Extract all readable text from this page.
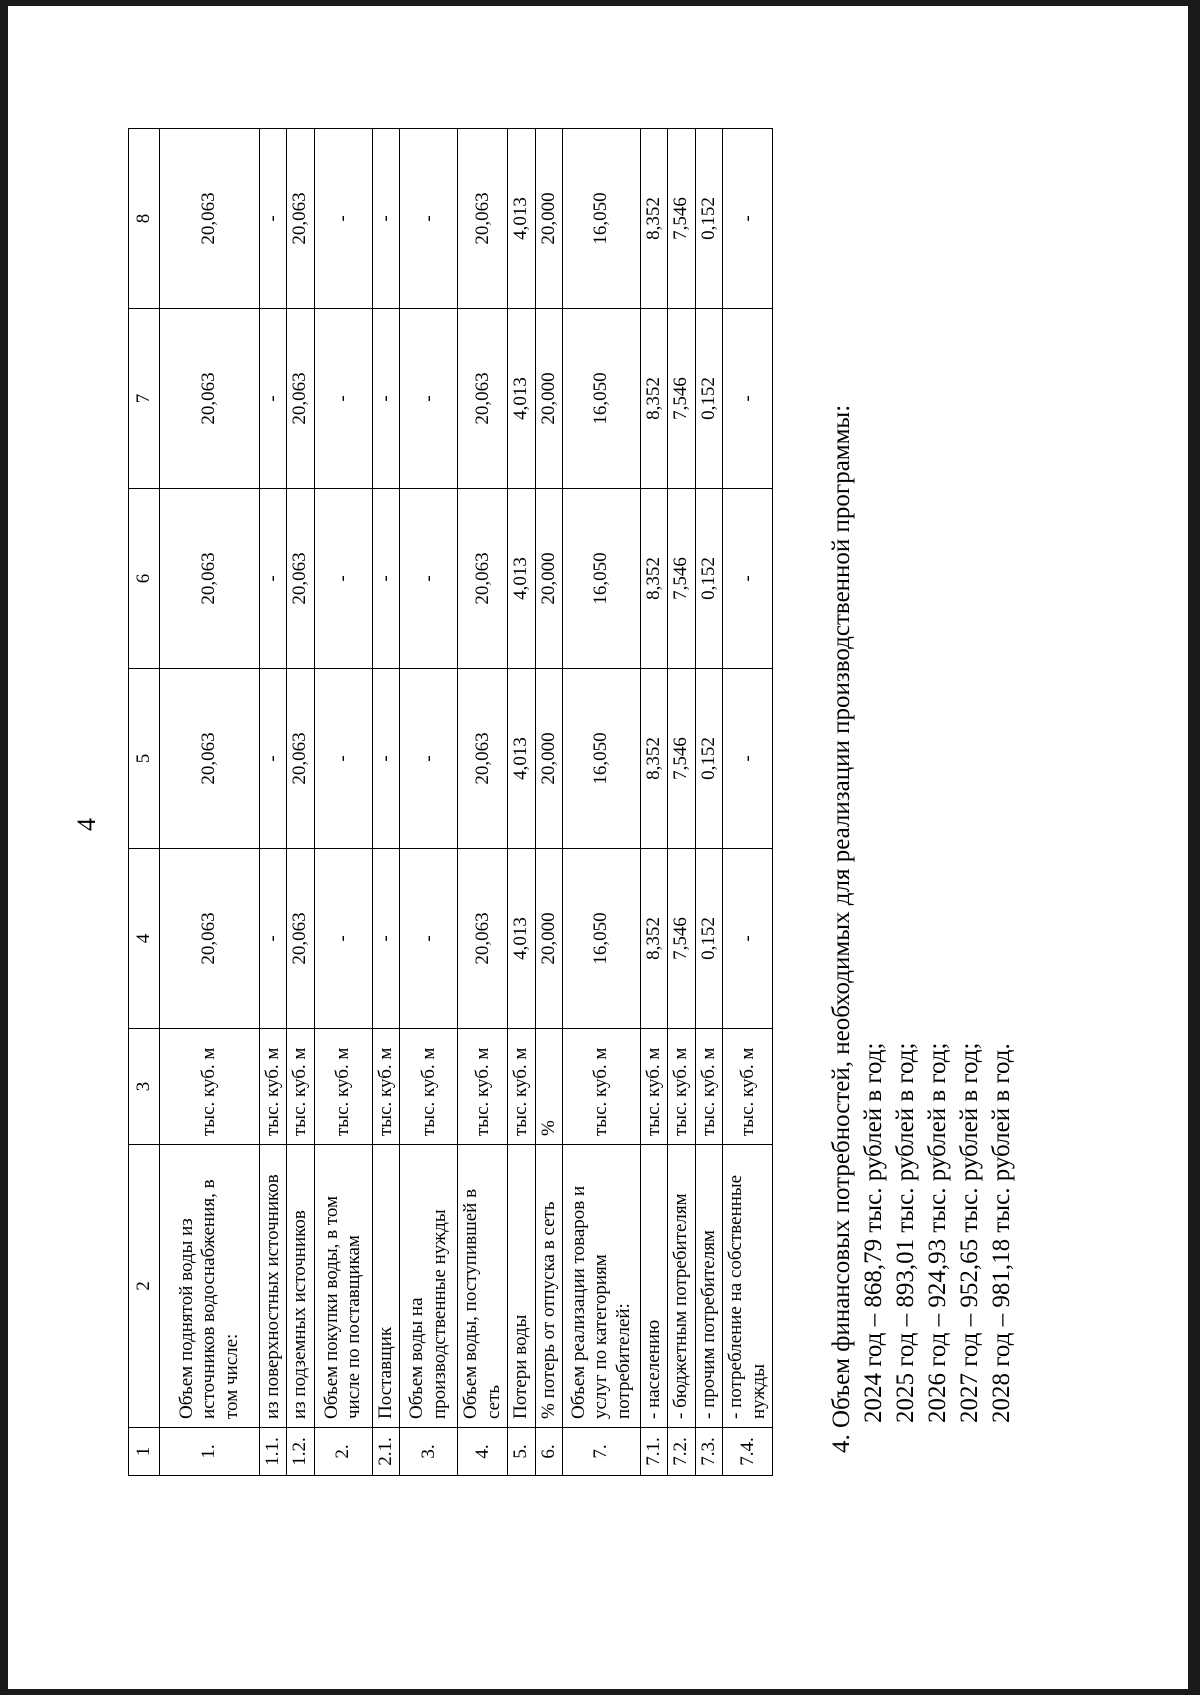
4
1	2	3	4	5	6	7	8
1.	Объем поднятой воды из источников водоснабжения, в том числе:	тыс. куб. м	20,063	20,063	20,063	20,063	20,063
1.1.	из поверхностных источников	тыс. куб. м	-	-	-	-	-
1.2.	из подземных источников	тыс. куб. м	20,063	20,063	20,063	20,063	20,063
2.	Объем покупки воды, в том числе по поставщикам	тыс. куб. м	-	-	-	-	-
2.1.	Поставщик	тыс. куб. м	-	-	-	-	-
3.	Объем воды на производственные нужды	тыс. куб. м	-	-	-	-	-
4.	Объем воды, поступившей в сеть	тыс. куб. м	20,063	20,063	20,063	20,063	20,063
5.	Потери воды	тыс. куб. м	4,013	4,013	4,013	4,013	4,013
6.	% потерь от отпуска в сеть	%	20,000	20,000	20,000	20,000	20,000
7.	Объем реализации товаров и услуг по категориям потребителей:	тыс. куб. м	16,050	16,050	16,050	16,050	16,050
7.1.	- населению	тыс. куб. м	8,352	8,352	8,352	8,352	8,352
7.2.	- бюджетным потребителям	тыс. куб. м	7,546	7,546	7,546	7,546	7,546
7.3.	- прочим потребителям	тыс. куб. м	0,152	0,152	0,152	0,152	0,152
7.4.	- потребление на собственные нужды	тыс. куб. м	-	-	-	-	-
4. Объем финансовых потребностей, необходимых для реализации производственной программы: 2024 год – 868,79 тыс. рублей в год; 2025 год – 893,01 тыс. рублей в год; 2026 год – 924,93 тыс. рублей в год; 2027 год – 952,65 тыс. рублей в год; 2028 год – 981,18 тыс. рублей в год.
